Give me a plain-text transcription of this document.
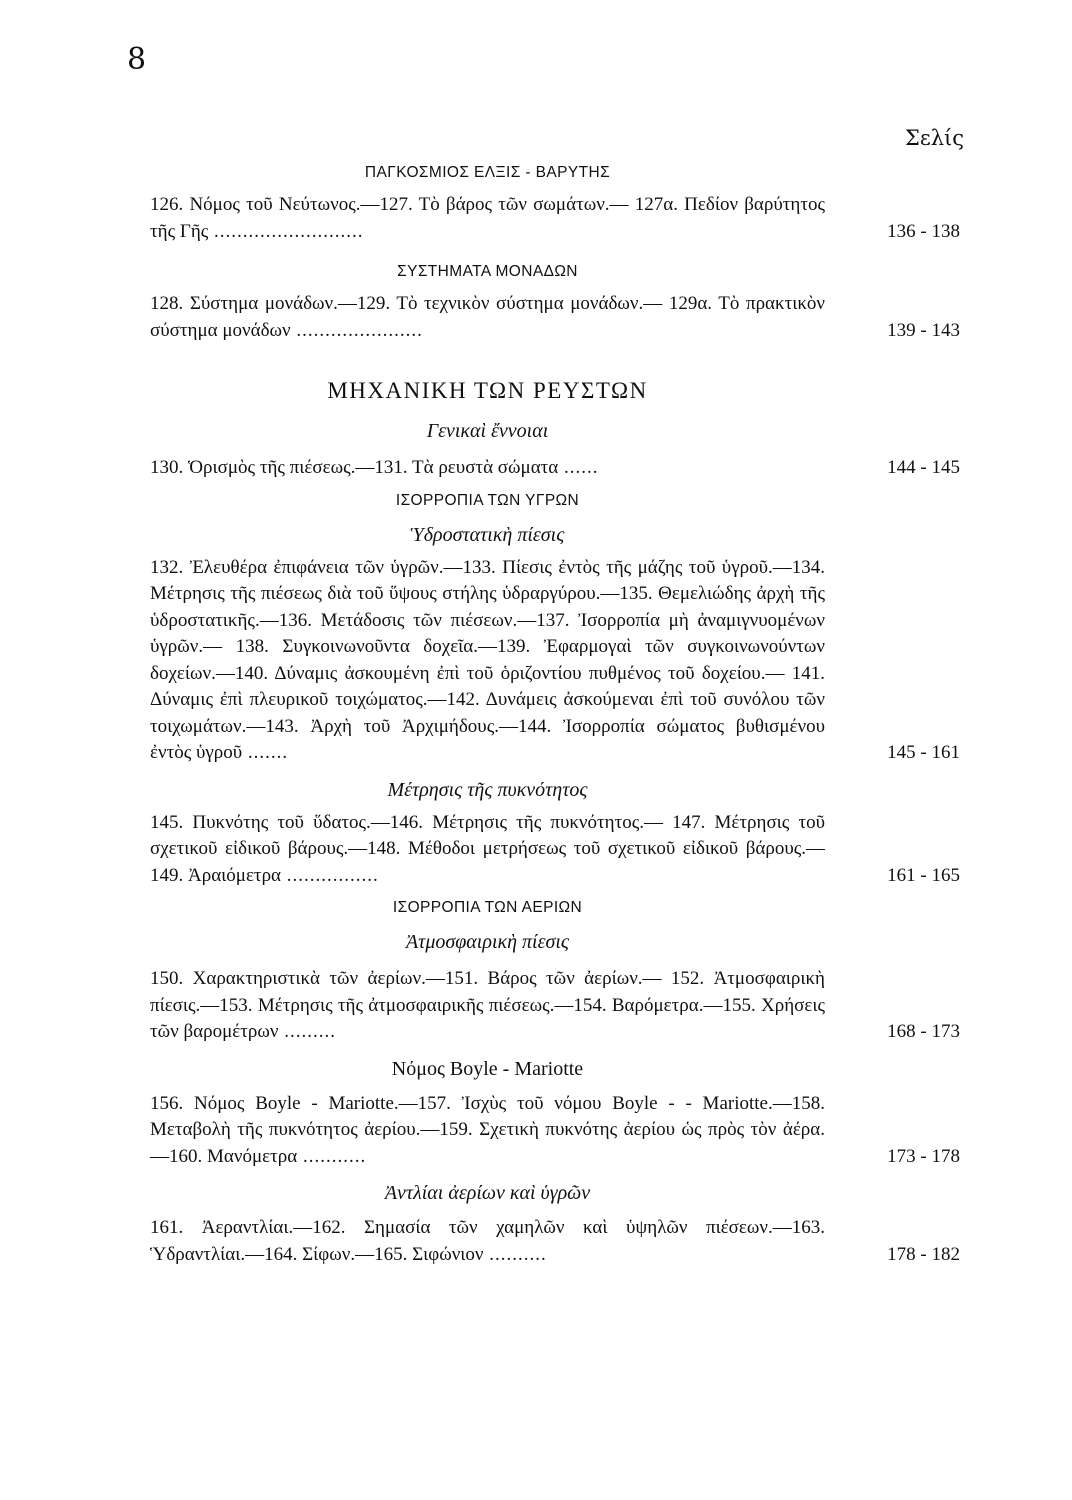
8
Σελίς
ΠΑΓΚΟΣΜΙΟΣ ΕΛΞΙΣ - ΒΑΡΥΤΗΣ
126. Νόμος τοῦ Νεύτωνος.—127. Τὸ βάρος τῶν σωμάτων.— 127α. Πεδίον βαρύτητος τῆς Γῆς ..........................	136 - 138
ΣΥΣΤΗΜΑΤΑ ΜΟΝΑΔΩΝ
128. Σύστημα μονάδων.—129. Τὸ τεχνικὸν σύστημα μονάδων.— 129α. Τὸ πρακτικὸν σύστημα μονάδων ......................	139 - 143
ΜΗΧΑΝΙΚΗ ΤΩΝ ΡΕΥΣΤΩΝ
Γενικαὶ ἔννοιαι
130. Ὁρισμὸς τῆς πιέσεως.—131. Τὰ ρευστὰ σώματα ......	144 - 145
ΙΣΟΡΡΟΠΙΑ ΤΩΝ ΥΓΡΩΝ
Ὑδροστατικὴ πίεσις
132. Ἐλευθέρα ἐπιφάνεια τῶν ὑγρῶν.—133. Πίεσις ἐντὸς τῆς μάζης τοῦ ὑγροῦ.—134. Μέτρησις τῆς πιέσεως διὰ τοῦ ὕψους στήλης ὑδραργύρου.—135. Θεμελιώδης ἀρχὴ τῆς ὑδροστατικῆς.—136. Μετάδοσις τῶν πιέσεων.—137. Ἰσορροπία μὴ ἀναμιγνυομένων ὑγρῶν.— 138. Συγκοινωνοῦντα δοχεῖα.—139. Ἐφαρμογαὶ τῶν συγκοινωνούντων δοχείων.—140. Δύναμις ἀσκουμένη ἐπὶ τοῦ ὁριζοντίου πυθμένος τοῦ δοχείου.— 141. Δύναμις ἐπὶ πλευρικοῦ τοιχώματος.—142. Δυνάμεις ἀσκούμεναι ἐπὶ τοῦ συνόλου τῶν τοιχωμάτων.—143. Ἀρχὴ τοῦ Ἀρχιμήδους.—144. Ἰσορροπία σώματος βυθισμένου ἐντὸς ὑγροῦ .......	145 - 161
Μέτρησις τῆς πυκνότητος
145. Πυκνότης τοῦ ὕδατος.—146. Μέτρησις τῆς πυκνότητος.— 147. Μέτρησις τοῦ σχετικοῦ εἰδικοῦ βάρους.—148. Μέθοδοι μετρήσεως τοῦ σχετικοῦ εἰδικοῦ βάρους.—149. Ἀραιόμετρα ................	161 - 165
ΙΣΟΡΡΟΠΙΑ ΤΩΝ ΑΕΡΙΩΝ
Ἀτμοσφαιρικὴ πίεσις
150. Χαρακτηριστικὰ τῶν ἀερίων.—151. Βάρος τῶν ἀερίων.— 152. Ἀτμοσφαιρικὴ πίεσις.—153. Μέτρησις τῆς ἀτμοσφαιρικῆς πιέσεως.—154. Βαρόμετρα.—155. Χρήσεις τῶν βαρομέτρων .........	168 - 173
Νόμος Boyle - Mariotte
156. Νόμος Boyle - Mariotte.—157. Ἰσχὺς τοῦ νόμου Boyle - - Mariotte.—158. Μεταβολὴ τῆς πυκνότητος ἀερίου.—159. Σχετικὴ πυκνότης ἀερίου ὡς πρὸς τὸν ἀέρα.—160. Μανόμετρα ...........	173 - 178
Ἀντλίαι ἀερίων καὶ ὑγρῶν
161. Ἀεραντλίαι.—162. Σημασία τῶν χαμηλῶν καὶ ὑψηλῶν πιέσεων.—163. Ὑδραντλίαι.—164. Σίφων.—165. Σιφώνιον ..........	178 - 182
